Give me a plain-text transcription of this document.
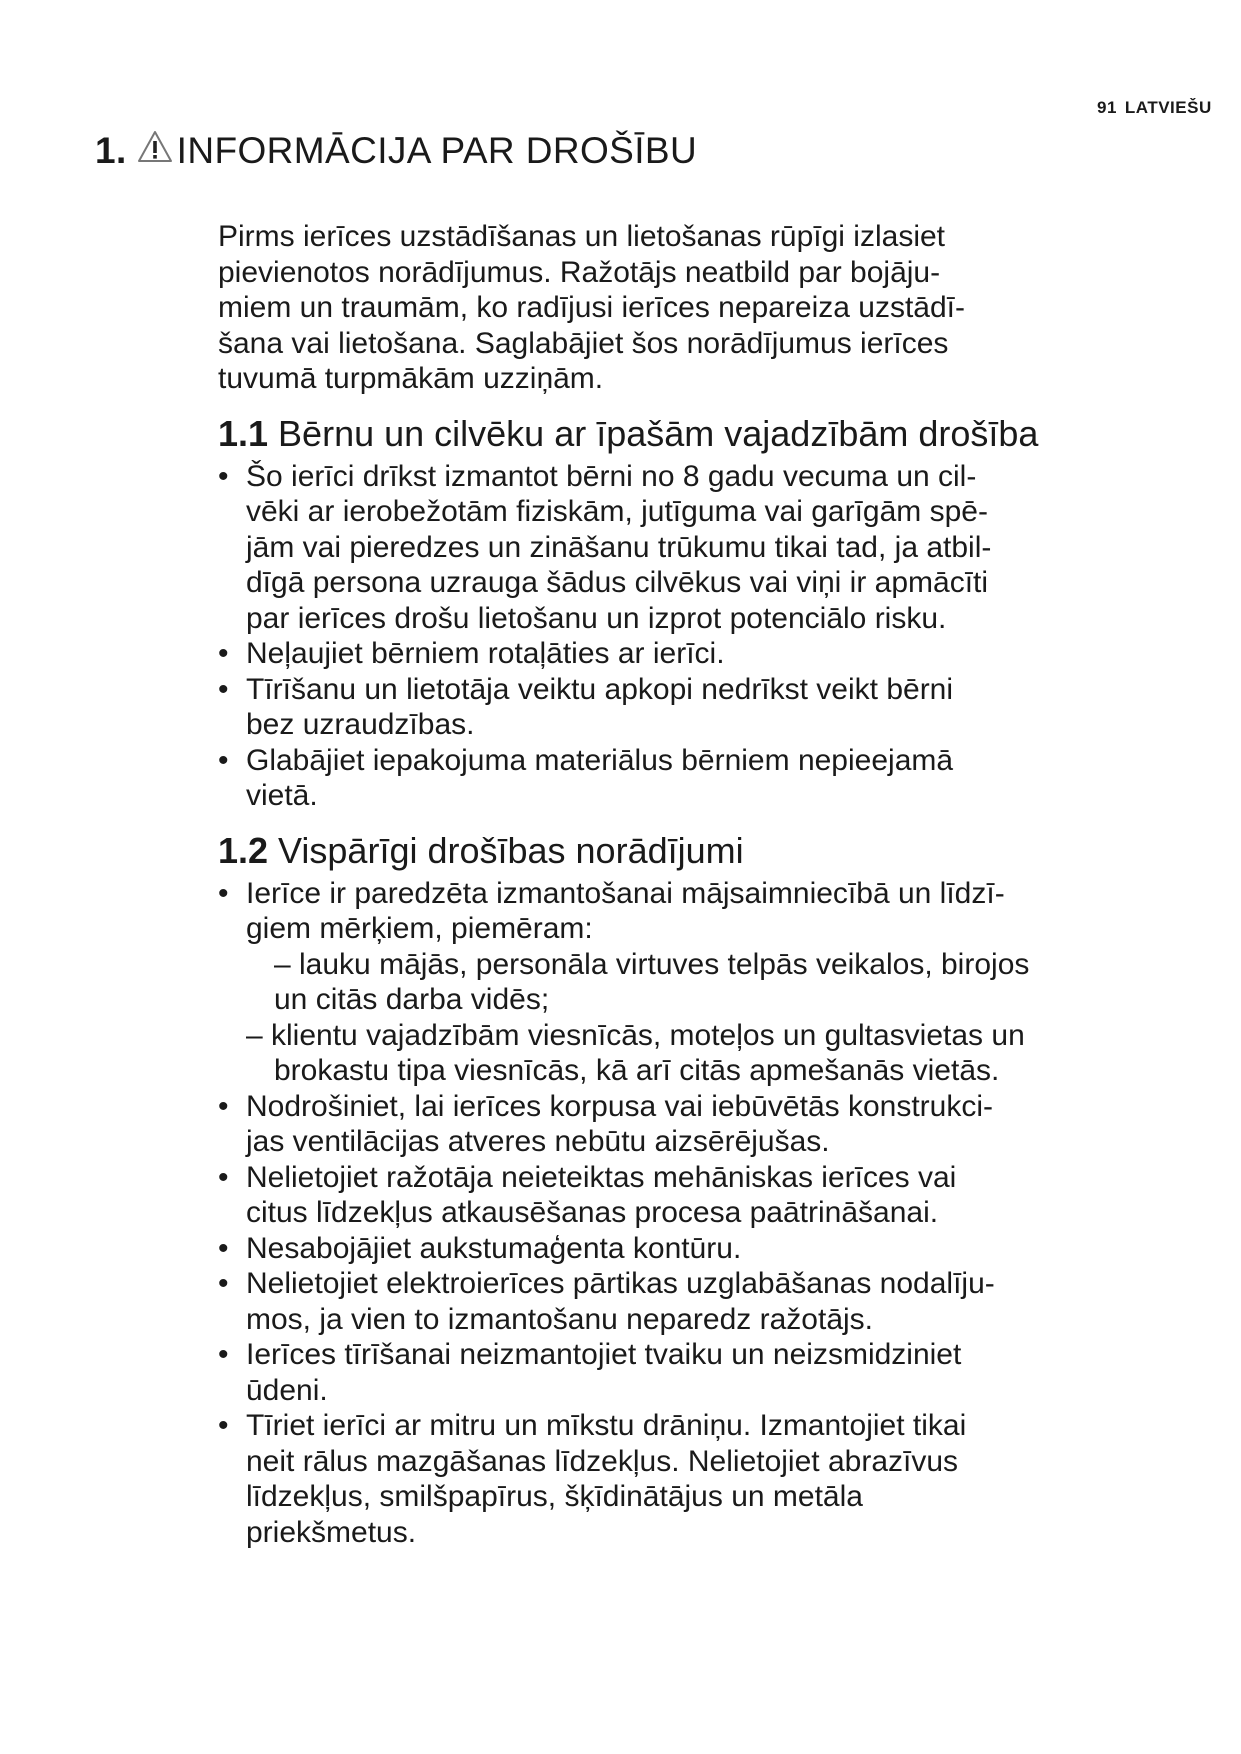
91 LATVIEŠU
1. INFORMĀCIJA PAR DROŠĪBU

Pirms ierīces uzstādīšanas un lietošanas rūpīgi izlasiet
pievienotos norādījumus. Ražotājs neatbild par bojāju-
miem un traumām, ko radījusi ierīces nepareiza uzstādī-
šana vai lietošana. Saglabājiet šos norādījumus ierīces
tuvumā turpmākām uzziņām.

1.1 Bērnu un cilvēku ar īpašām vajadzībām drošība
• Šo ierīci drīkst izmantot bērni no 8 gadu vecuma un cil-
vēki ar ierobežotām fiziskām, jutīguma vai garīgām spē-
jām vai pieredzes un zināšanu trūkumu tikai tad, ja atbil-
dīgā persona uzrauga šādus cilvēkus vai viņi ir apmācīti
par ierīces drošu lietošanu un izprot potenciālo risku.
• Neļaujiet bērniem rotaļāties ar ierīci.
• Tīrīšanu un lietotāja veiktu apkopi nedrīkst veikt bērni
bez uzraudzības.
• Glabājiet iepakojuma materiālus bērniem nepieejamā
vietā.
1.2 Vispārīgi drošības norādījumi
• Ierīce ir paredzēta izmantošanai mājsaimniecībā un līdzī-
giem mērķiem, piemēram:
– lauku mājās, personāla virtuves telpās veikalos, birojos
un citās darba vidēs;
– klientu vajadzībām viesnīcās, moteļos un gultasvietas un
brokastu tipa viesnīcās, kā arī citās apmešanās vietās.
• Nodrošiniet, lai ierīces korpusa vai iebūvētās konstrukci-
jas ventilācijas atveres nebūtu aizsērējušas.
• Nelietojiet ražotāja neieteiktas mehāniskas ierīces vai
citus līdzekļus atkausēšanas procesa paātrināšanai.
• Nesabojājiet aukstumaģenta kontūru.
• Nelietojiet elektroierīces pārtikas uzglabāšanas nodalīju-
mos, ja vien to izmantošanu neparedz ražotājs.
• Ierīces tīrīšanai neizmantojiet tvaiku un neizsmidziniet
ūdeni.
• Tīriet ierīci ar mitru un mīkstu drāniņu. Izmantojiet tikai
neit rālus mazgāšanas līdzekļus. Nelietojiet abrazīvus
līdzekļus, smilšpapīrus, šķīdinātājus un metāla
priekšmetus.
